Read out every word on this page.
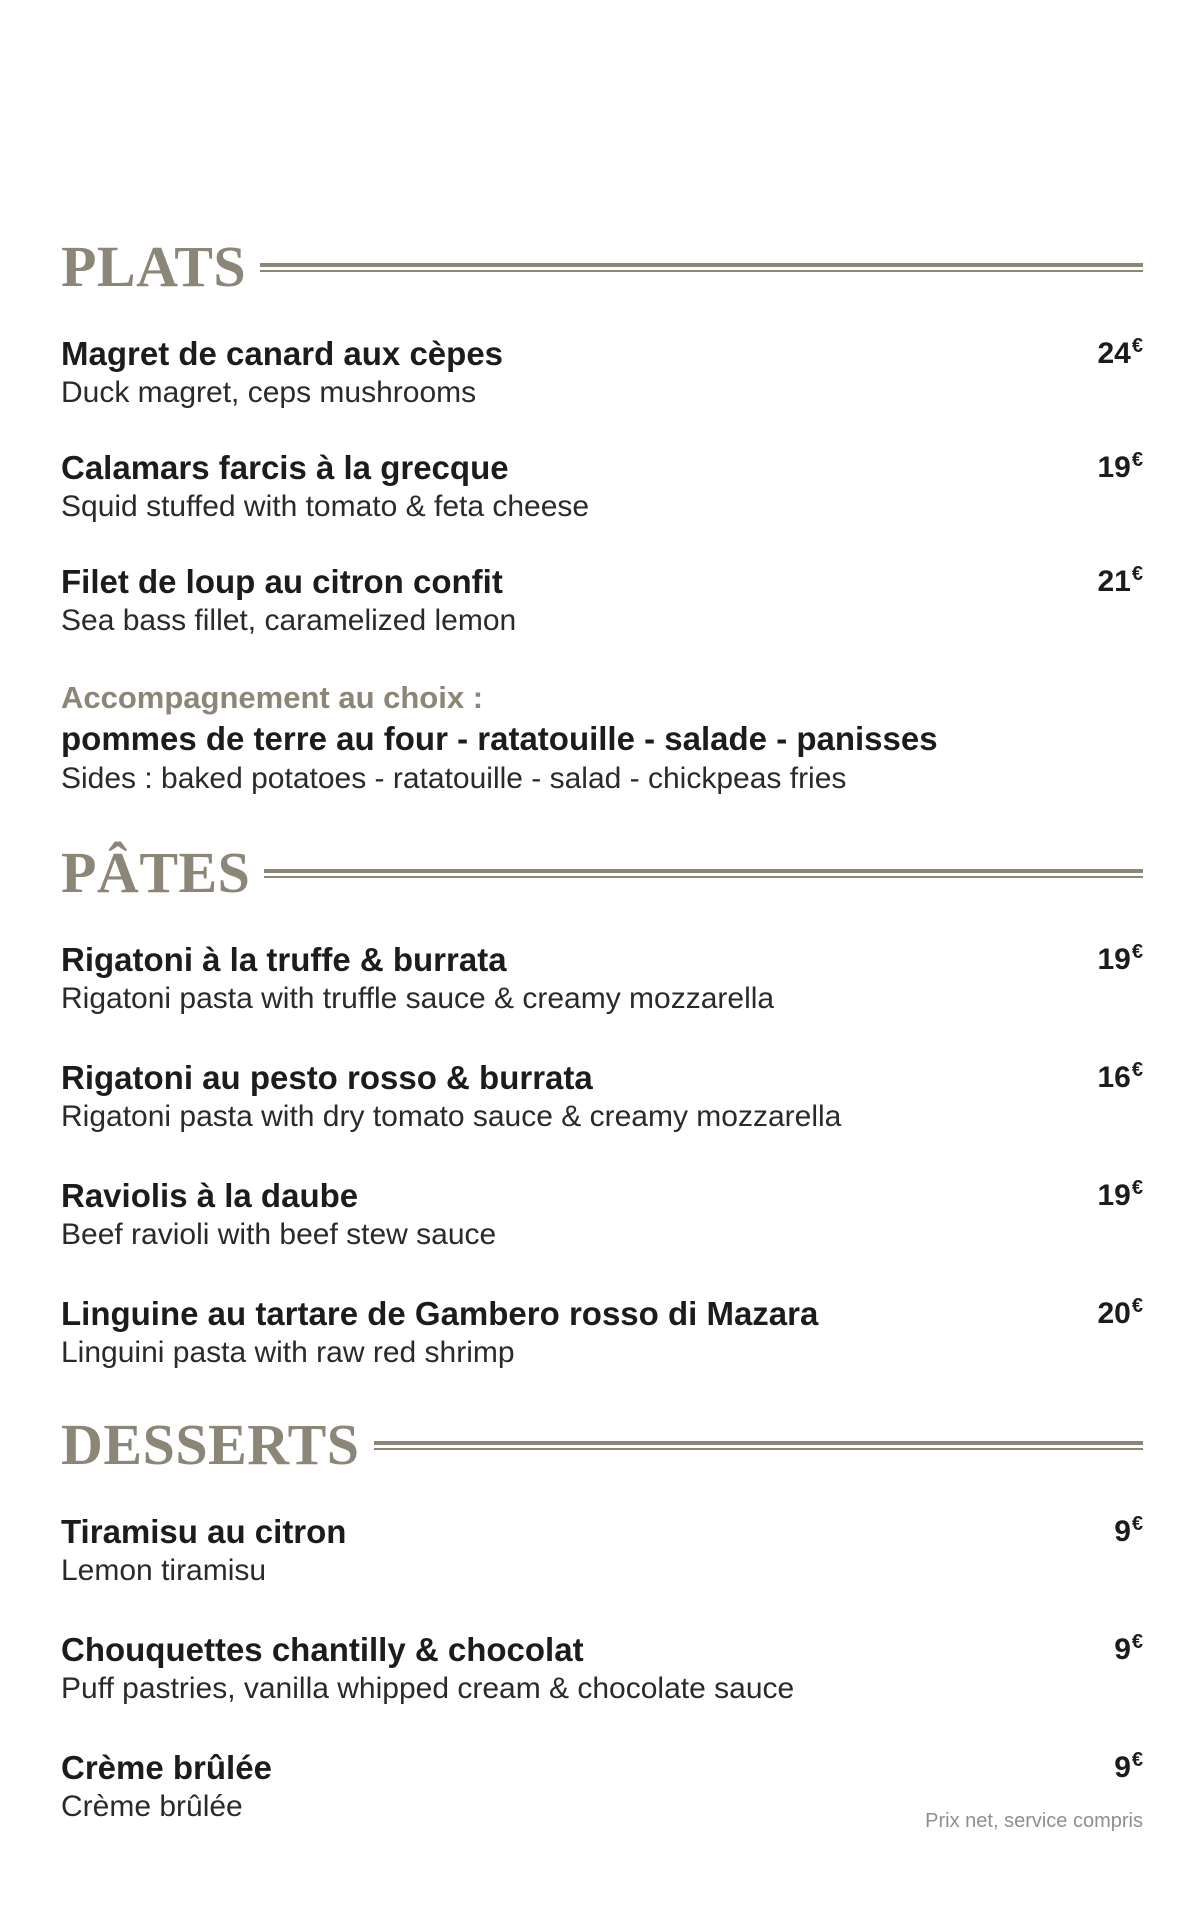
PLATS
Magret de canard aux cèpes
Duck magret, ceps mushrooms
24€
Calamars farcis à la grecque
Squid stuffed with tomato & feta cheese
19€
Filet de loup au citron confit
Sea bass fillet, caramelized lemon
21€
Accompagnement au choix :
pommes de terre au four - ratatouille - salade - panisses
Sides : baked potatoes - ratatouille - salad - chickpeas fries
PÂTES
Rigatoni à la truffe & burrata
Rigatoni pasta with truffle sauce & creamy mozzarella
19€
Rigatoni au pesto rosso & burrata
Rigatoni pasta with dry tomato sauce & creamy mozzarella
16€
Raviolis à la daube
Beef ravioli with beef stew sauce
19€
Linguine au tartare de Gambero rosso di Mazara
Linguini pasta with raw red shrimp
20€
DESSERTS
Tiramisu au citron
Lemon tiramisu
9€
Chouquettes chantilly & chocolat
Puff pastries, vanilla whipped cream & chocolate sauce
9€
Crème brûlée
Crème brûlée
9€
Prix net, service compris
